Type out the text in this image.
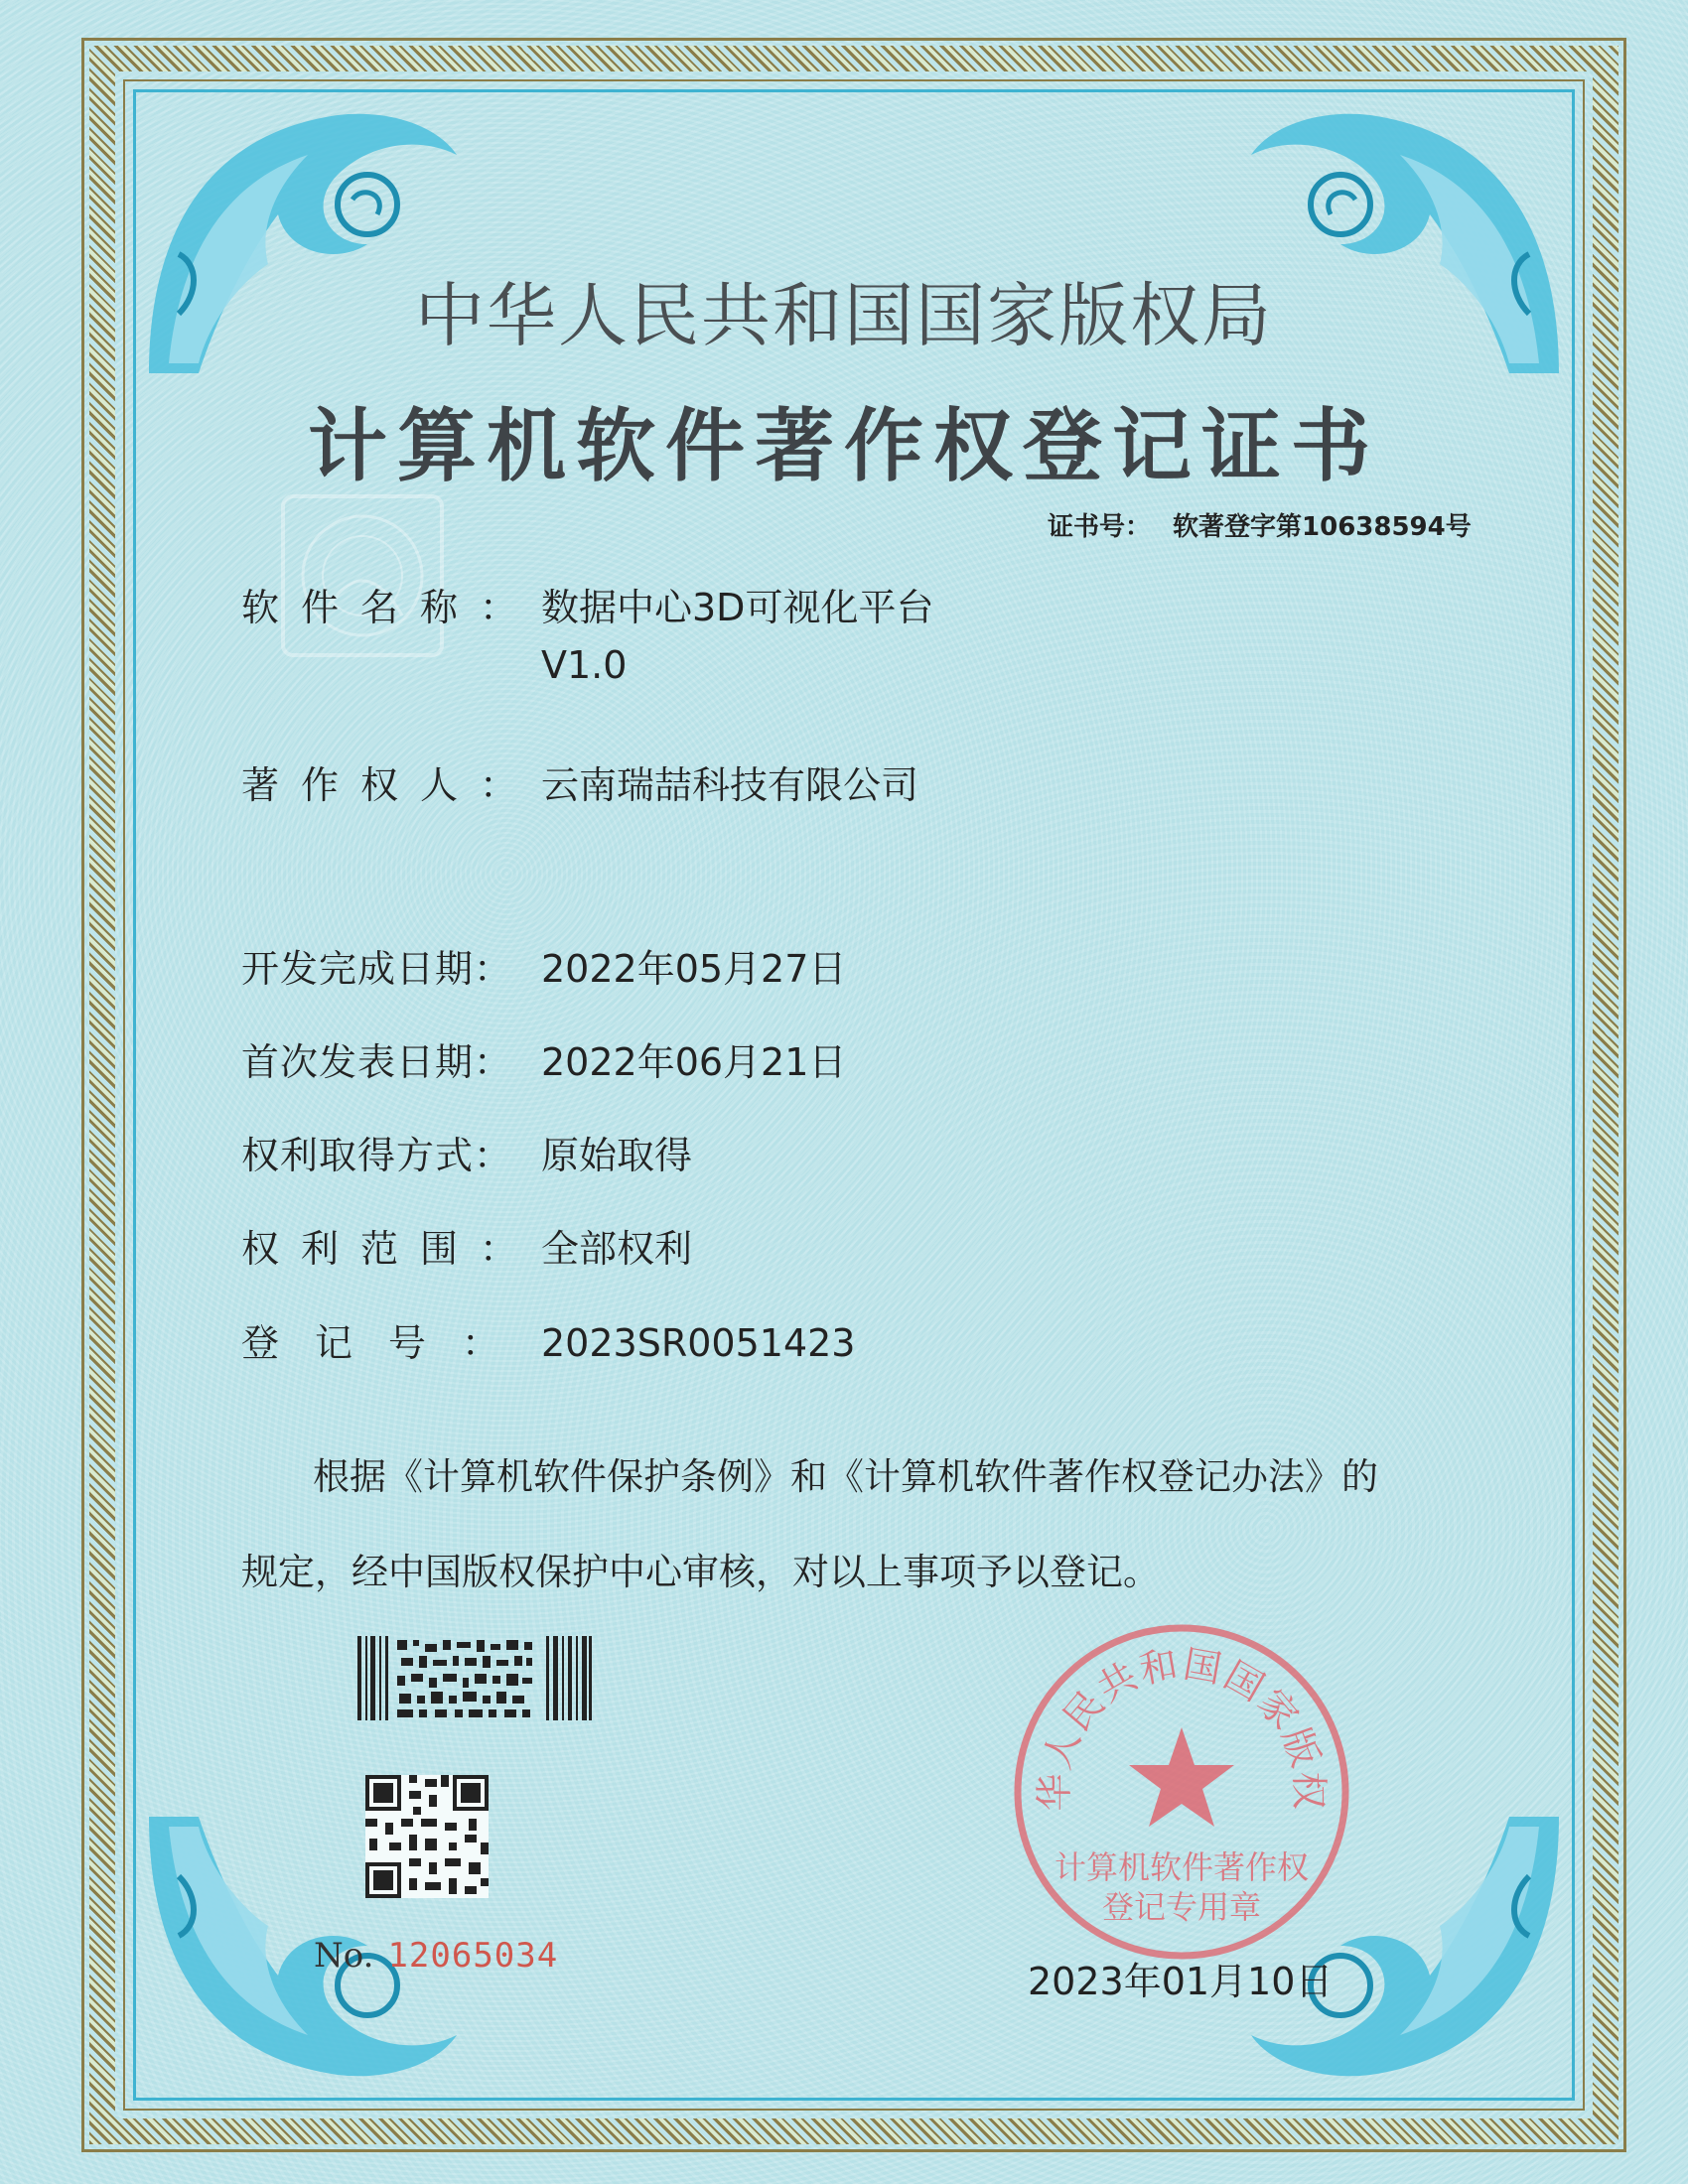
中华人民共和国国家版权局
计算机软件著作权登记证书
证书号： 软著登字第10638594号
软件名称：数据中心3D可视化平台
V1.0
著作权人：云南瑞喆科技有限公司
开发完成日期： 2022年05月27日
首次发表日期： 2022年06月21日
权利取得方式： 原始取得
权利范围：全部权利
登记号： 2023SR0051423
根据《计算机软件保护条例》和《计算机软件著作权登记办法》的
规定，经中国版权保护中心审核，对以上事项予以登记。
No. 12065034
华人民共和国国家版权
计算机软件著作权
登记专用章
2023年01月10日
